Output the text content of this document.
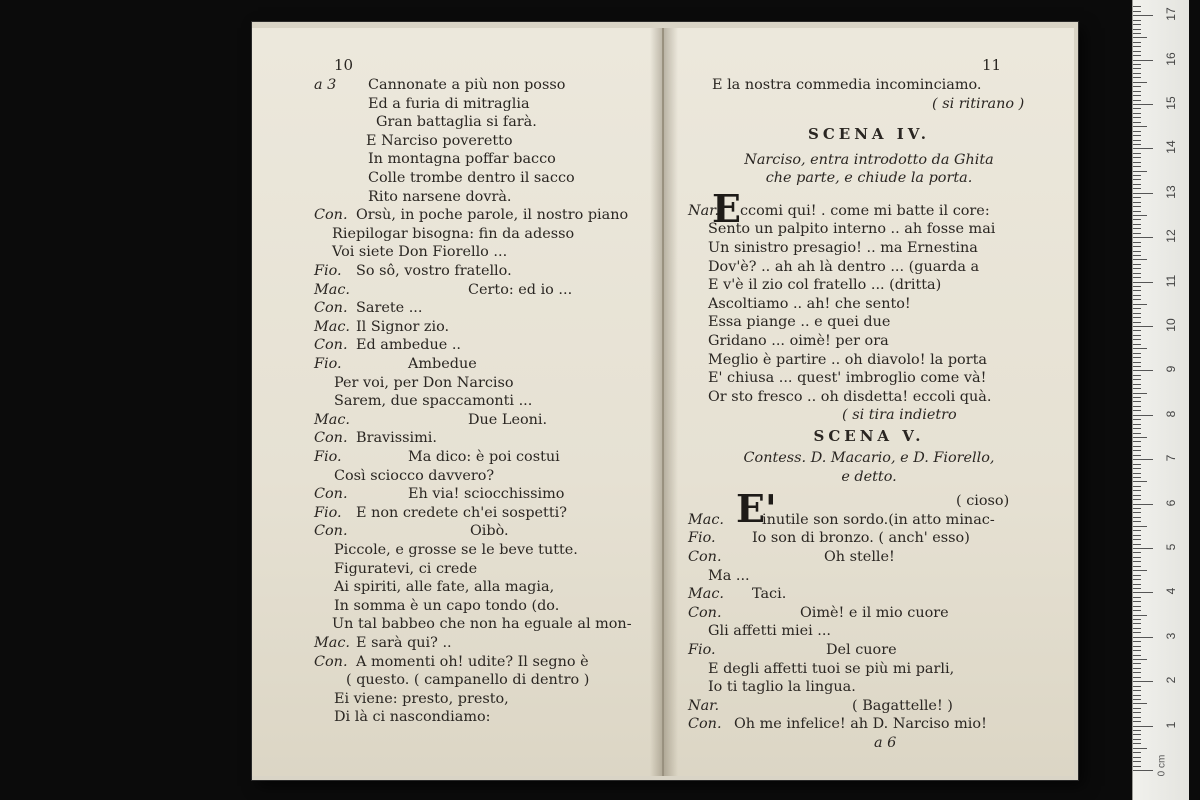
10
a 3 Cannonate a più non posso
Ed a furia di mitraglia
Gran battaglia si farà.
E Narciso poveretto
In montagna poffar bacco
Colle trombe dentro il sacco
Rito narsene dovrà.
Con. Orsù, in poche parole, il nostro piano
Riepilogar bisogna: fin da adesso
Voi siete Don Fiorello ...
Fio. So sô, vostro fratello.
Mac.	Certo: ed io ...
Con. Sarete ...
Mac. Il Signor zio.
Con. Ed ambedue ..
Fio.	Ambedue
Per voi, per Don Narciso
Sarem, due spaccamonti ...
Mac.	Due Leoni.
Con. Bravissimi.
Fio.	Ma dico: è poi costui
Così sciocco davvero?
Con.	Eh via! sciocchissimo
Fio. E non credete ch'ei sospetti?
Con.	Oibò.
Piccole, e grosse se le beve tutte.
Figuratevi, ci crede
Ai spiriti, alle fate, alla magia,
In somma è un capo tondo (do.
Un tal babbeo che non ha eguale al mon-
Mac. E sarà qui? ..
Con. A momenti oh! udite? Il segno è
( questo. ( campanello di dentro )
Ei viene: presto, presto,
Di là ci nascondiamo:
11
E la nostra commedia incominciamo.
( si ritirano )
SCENA IV.
Narciso, entra introdotto da Ghita
che parte, e chiude la porta.
E
Nar. ccomi qui! . come mi batte il core:
Sento un palpito interno .. ah fosse mai
Un sinistro presagio! .. ma Ernestina
Dov'è? .. ah ah là dentro ... (guarda a
E v'è il zio col fratello ... (dritta)
Ascoltiamo .. ah! che sento!
Essa piange .. e quei due
Gridano ... oimè! per ora
Meglio è partire .. oh diavolo! la porta
E' chiusa ... quest' imbroglio come và!
Or sto fresco .. oh disdetta! eccoli quà.
( si tira indietro
SCENA V.
Contess. D. Macario, e D. Fiorello,
e detto.
E'	( cioso)
Mac.	inutile son sordo.(in atto minac-
Fio.	Io son di bronzo. ( anch' esso)
Con.	Oh stelle!
Ma ...
Mac. Taci.
Con.	Oimè! e il mio cuore
Gli affetti miei ...
Fio.	Del cuore
E degli affetti tuoi se più mi parli,
Io ti taglio la lingua.
Nar.	( Bagattelle! )
Con. Oh me infelice! ah D. Narciso mio!
a 6
1
2
3
4
5
6
7
8
9
10
11
12
13
14
15
16
17
0 cm
